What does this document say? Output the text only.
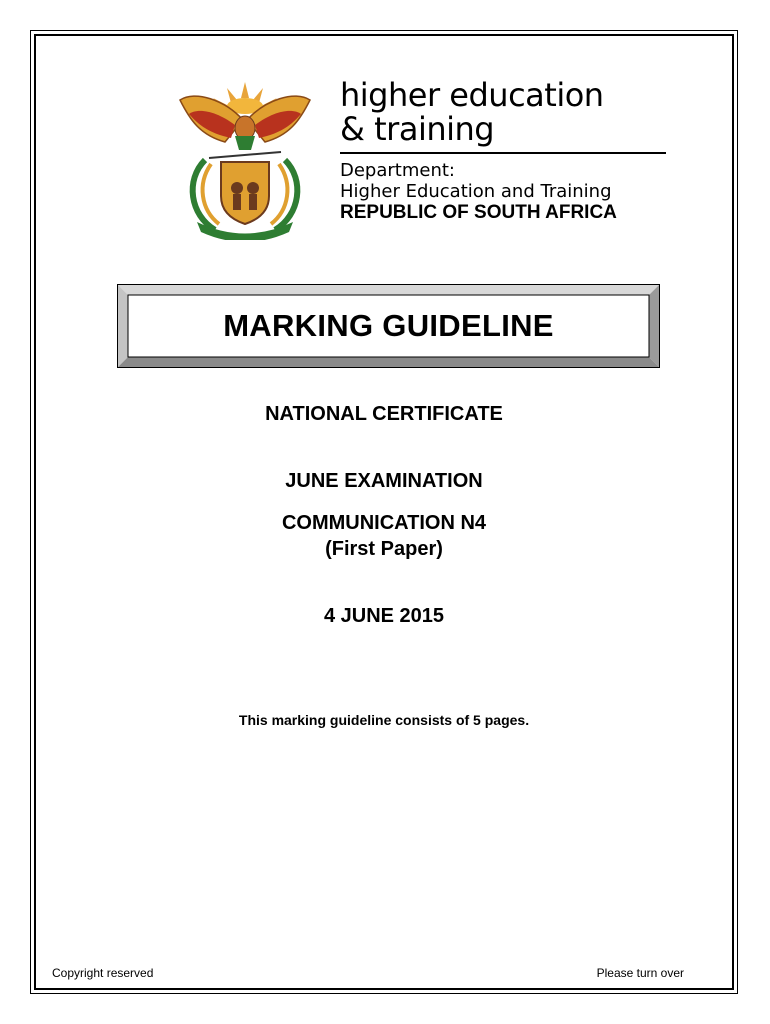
higher education
& training
Department:
Higher Education and Training
REPUBLIC OF SOUTH AFRICA
MARKING GUIDELINE
NATIONAL CERTIFICATE
JUNE EXAMINATION
COMMUNICATION N4
(First Paper)
4 JUNE 2015
This marking guideline consists of 5 pages.
Copyright reserved	Please turn over
